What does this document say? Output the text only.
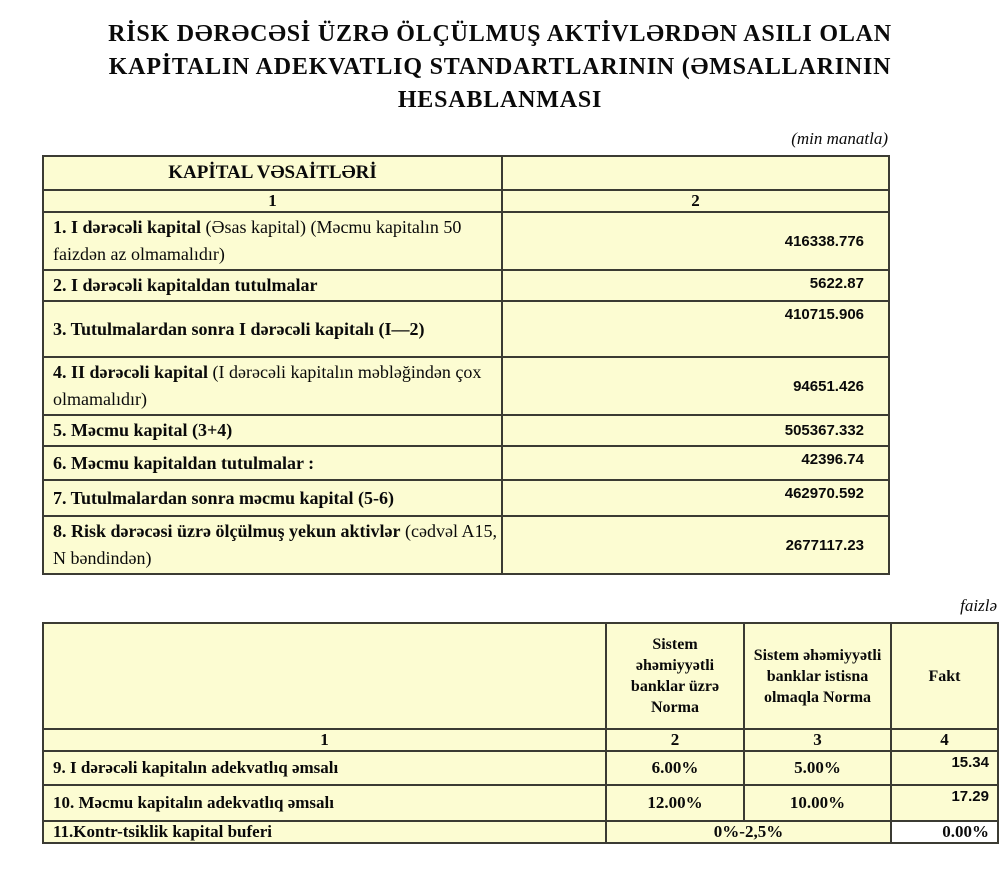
RİSK DƏRƏCƏSİ ÜZRƏ ÖLÇÜLMUŞ AKTİVLƏRDƏN ASILI OLAN
KAPİTALIN ADEKVATLIQ STANDARTLARININ (ƏMSALLARININ
HESABLANMASI
(min manatla)
KAPİTAL VƏSAİTLƏRİ	
1	2
1. I dərəcəli kapital (Əsas kapital) (Məcmu kapitalın 50 faizdən az olmamalıdır)	416338.776
2. I dərəcəli kapitaldan tutulmalar	5622.87
3. Tutulmalardan sonra I dərəcəli kapitalı (I—2)	410715.906
4. II dərəcəli kapital (I dərəcəli kapitalın məbləğindən çox olmamalıdır)	94651.426
5. Məcmu kapital (3+4)	505367.332
6. Məcmu kapitaldan tutulmalar :	42396.74
7. Tutulmalardan sonra məcmu kapital (5-6)	462970.592
8. Risk dərəcəsi üzrə ölçülmuş yekun aktivlər (cədvəl A15, N bəndindən)	2677117.23
faizlə
	Sistem əhəmiyyətli banklar üzrə Norma	Sistem əhəmiyyətli banklar istisna olmaqla Norma	Fakt
1	2	3	4
9. I dərəcəli kapitalın adekvatlıq əmsalı	6.00%	5.00%	15.34
10. Məcmu kapitalın adekvatlıq əmsalı	12.00%	10.00%	17.29
11.Kontr-tsiklik kapital buferi	0%-2,5%		0.00%
